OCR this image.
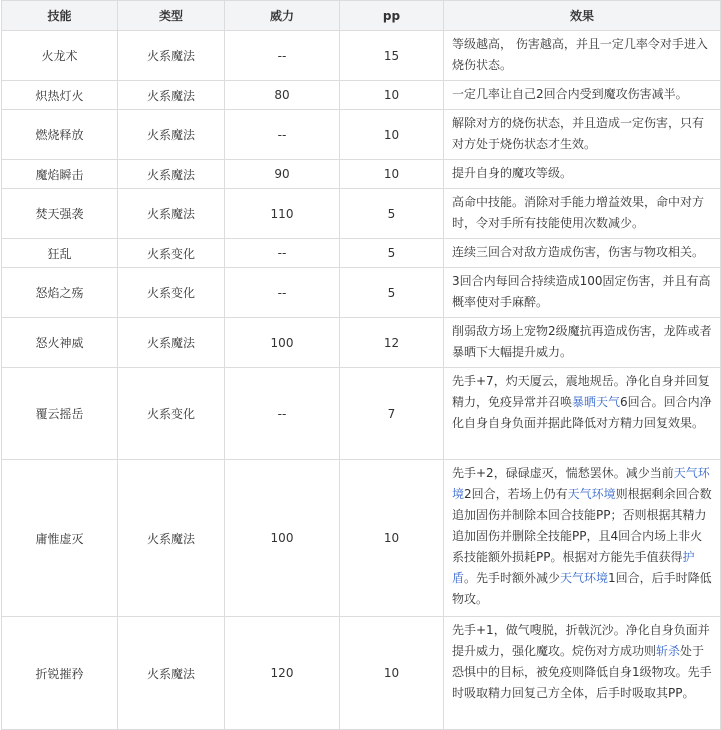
技能	类型	威力	pp	效果
火龙术	火系魔法	--	15	等级越高， 伤害越高，并且一定几率令对手进入烧伤状态。
炽热灯火	火系魔法	80	10	一定几率让自己2回合内受到魔攻伤害减半。
燃烧释放	火系魔法	--	10	解除对方的烧伤状态，并且造成一定伤害，只有对方处于烧伤状态才生效。
魔焰瞬击	火系魔法	90	10	提升自身的魔攻等级。
焚天强袭	火系魔法	110	5	高命中技能。消除对手能力增益效果，命中对方时，令对手所有技能使用次数减少。
狂乱	火系变化	--	5	连续三回合对敌方造成伤害，伤害与物攻相关。
怒焰之殇	火系变化	--	5	3回合内每回合持续造成100固定伤害，并且有高概率使对手麻醉。
怒火神威	火系魔法	100	12	削弱敌方场上宠物2级魔抗再造成伤害，龙阵或者暴晒下大幅提升威力。
覆云摇岳	火系变化	--	7	先手+7，灼天厦云，震地规岳。净化自身并回复精力，免疫异常并召唤暴晒天气6回合。回合内净化自身自身负面并据此降低对方精力回复效果。
庸惟虚灭	火系魔法	100	10	先手+2，碌碌虚灭，惴愁罢休。减少当前天气环境2回合，若场上仍有天气环境则根据剩余回合数追加固伤并制除本回合技能PP；否则根据其精力追加固伤并删除全技能PP，且4回合内场上非火系技能额外损耗PP。根据对方能先手值获得护盾。先手时额外减少天气环境1回合，后手时降低物攻。
折锐摧矜	火系魔法	120	10	先手+1，做气嗖脱，折戟沉沙。净化自身负面并提升威力，强化魔攻。烷伤对方成功则斩杀处于恐惧中的目标，被免疫则降低自身1级物攻。先手时吸取精力回复己方全体，后手时吸取其PP。
